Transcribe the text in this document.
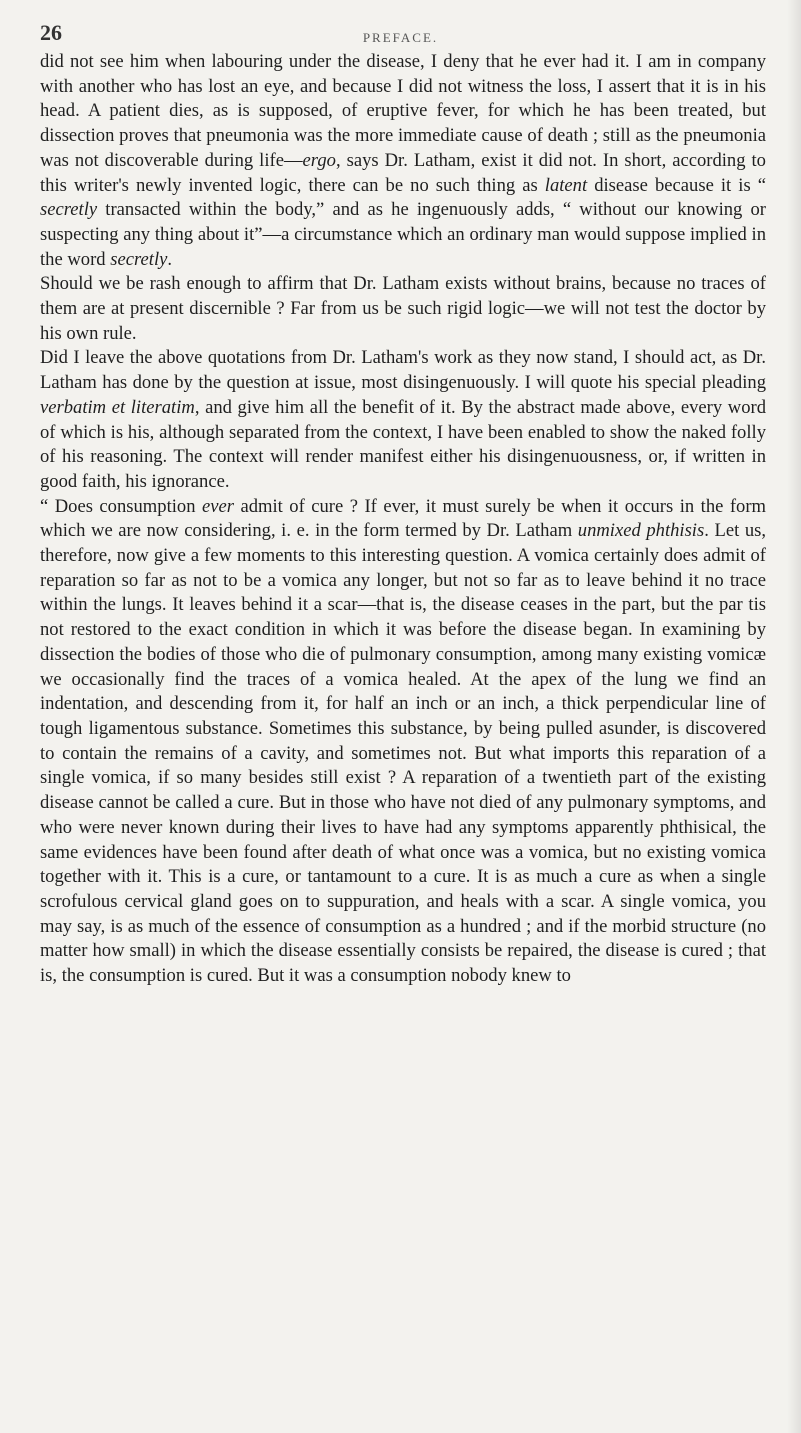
26	PREFACE.

did not see him when labouring under the disease, I deny that he ever had it. I am in company with another who has lost an eye, and because I did not witness the loss, I assert that it is in his head. A patient dies, as is supposed, of eruptive fever, for which he has been treated, but dissection proves that pneumonia was the more immediate cause of death ; still as the pneumonia was not discoverable during life—ergo, says Dr. Latham, exist it did not. In short, according to this writer's newly invented logic, there can be no such thing as latent disease because it is “ secretly transacted within the body,” and as he ingenuously adds, “ without our knowing or suspecting any thing about it”—a circumstance which an ordinary man would suppose implied in the word secretly.

Should we be rash enough to affirm that Dr. Latham exists without brains, because no traces of them are at present discernible ? Far from us be such rigid logic—we will not test the doctor by his own rule.

Did I leave the above quotations from Dr. Latham's work as they now stand, I should act, as Dr. Latham has done by the question at issue, most disingenuously. I will quote his special pleading verbatim et literatim, and give him all the benefit of it. By the abstract made above, every word of which is his, although separated from the context, I have been enabled to show the naked folly of his reasoning. The context will render manifest either his disingenuousness, or, if written in good faith, his ignorance.

“ Does consumption ever admit of cure ? If ever, it must surely be when it occurs in the form which we are now considering, i. e. in the form termed by Dr. Latham unmixed phthisis. Let us, therefore, now give a few moments to this interesting question. A vomica certainly does admit of reparation so far as not to be a vomica any longer, but not so far as to leave behind it no trace within the lungs. It leaves behind it a scar—that is, the disease ceases in the part, but the par tis not restored to the exact condition in which it was before the disease began. In examining by dissection the bodies of those who die of pulmonary consumption, among many existing vomicæ we occasionally find the traces of a vomica healed. At the apex of the lung we find an indentation, and descending from it, for half an inch or an inch, a thick perpendicular line of tough ligamentous substance. Sometimes this substance, by being pulled asunder, is discovered to contain the remains of a cavity, and sometimes not. But what imports this reparation of a single vomica, if so many besides still exist ? A reparation of a twentieth part of the existing disease cannot be called a cure. But in those who have not died of any pulmonary symptoms, and who were never known during their lives to have had any symptoms apparently phthisical, the same evidences have been found after death of what once was a vomica, but no existing vomica together with it. This is a cure, or tantamount to a cure. It is as much a cure as when a single scrofulous cervical gland goes on to suppuration, and heals with a scar. A single vomica, you may say, is as much of the essence of consumption as a hundred ; and if the morbid structure (no matter how small) in which the disease essentially consists be repaired, the disease is cured ; that is, the consumption is cured. But it was a consumption nobody knew to
